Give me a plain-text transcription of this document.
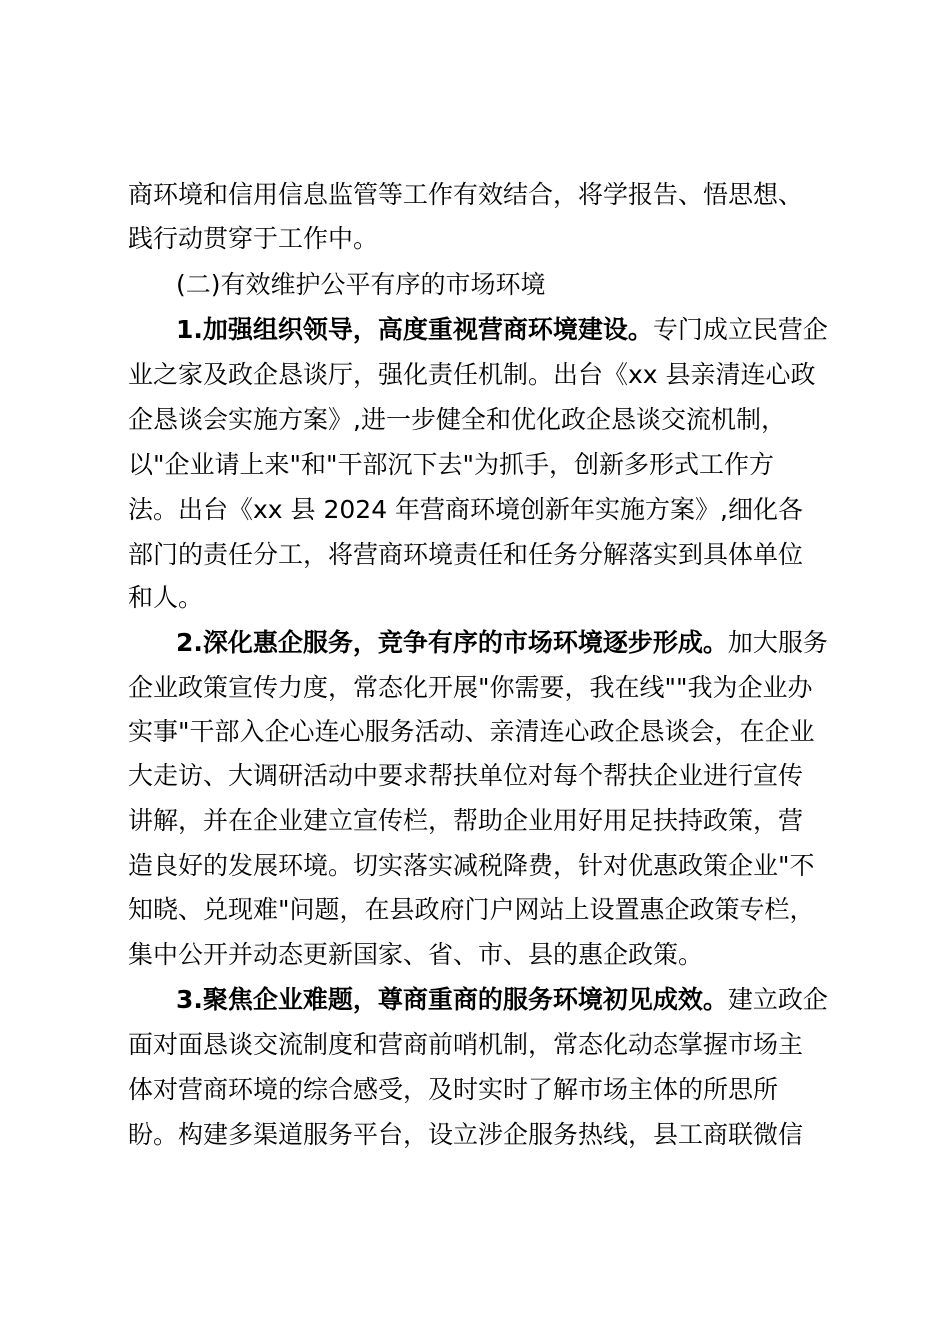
商环境和信用信息监管等工作有效结合，将学报告、悟思想、
践行动贯穿于工作中。
(二)有效维护公平有序的市场环境
1.加强组织领导，高度重视营商环境建设。专门成立民营企
业之家及政企恳谈厅，强化责任机制。出台《xx 县亲清连心政
企恳谈会实施方案》,进一步健全和优化政企恳谈交流机制，
以"企业请上来"和"干部沉下去"为抓手，创新多形式工作方
法。出台《xx 县 2024 年营商环境创新年实施方案》,细化各
部门的责任分工，将营商环境责任和任务分解落实到具体单位
和人。
2.深化惠企服务，竞争有序的市场环境逐步形成。加大服务
企业政策宣传力度，常态化开展"你需要，我在线""我为企业办
实事"干部入企心连心服务活动、亲清连心政企恳谈会，在企业
大走访、大调研活动中要求帮扶单位对每个帮扶企业进行宣传
讲解，并在企业建立宣传栏，帮助企业用好用足扶持政策，营
造良好的发展环境。切实落实减税降费，针对优惠政策企业"不
知晓、兑现难"问题，在县政府门户网站上设置惠企政策专栏，
集中公开并动态更新国家、省、市、县的惠企政策。
3.聚焦企业难题，尊商重商的服务环境初见成效。建立政企
面对面恳谈交流制度和营商前哨机制，常态化动态掌握市场主
体对营商环境的综合感受，及时实时了解市场主体的所思所
盼。构建多渠道服务平台，设立涉企服务热线，县工商联微信
